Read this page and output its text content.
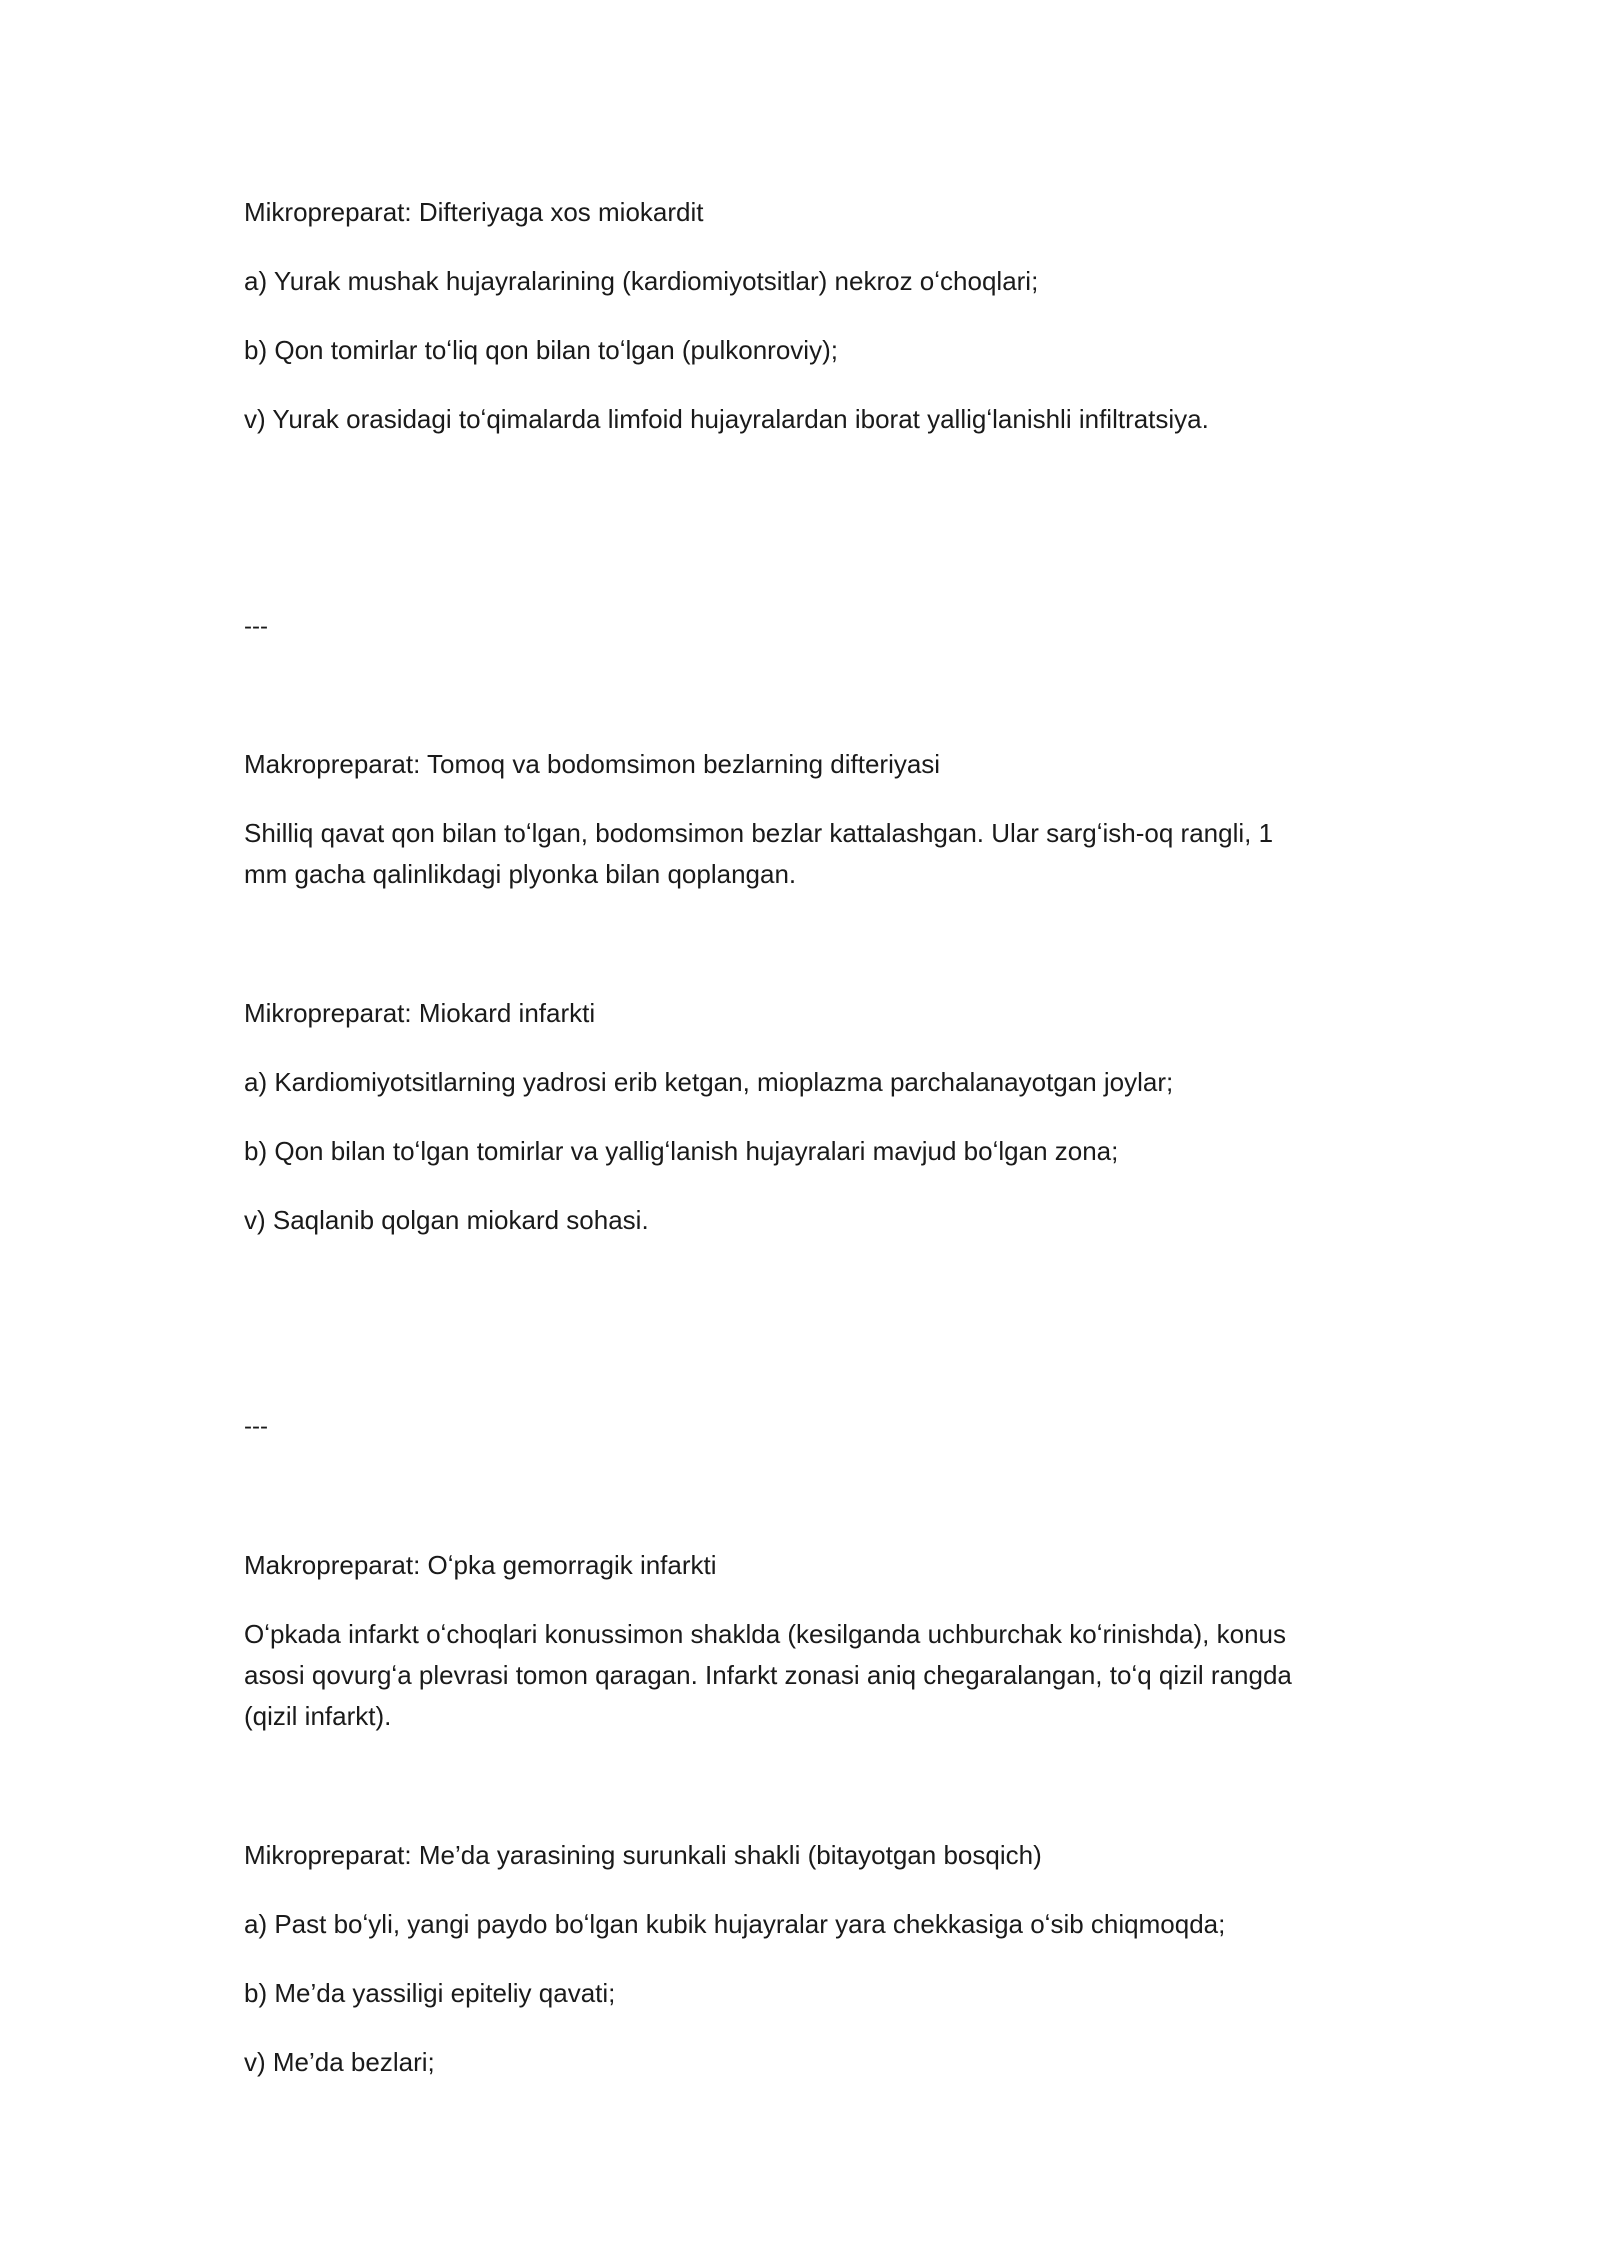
Mikropreparat: Difteriyaga xos miokardit
a) Yurak mushak hujayralarining (kardiomiyotsitlar) nekroz oʻchoqlari;
b) Qon tomirlar toʻliq qon bilan toʻlgan (pulkonroviy);
v) Yurak orasidagi toʻqimalarda limfoid hujayralardan iborat yalligʻlanishli infiltratsiya.
---
Makropreparat: Tomoq va bodomsimon bezlarning difteriyasi
Shilliq qavat qon bilan toʻlgan, bodomsimon bezlar kattalashgan. Ular sargʻish-oq rangli, 1
mm gacha qalinlikdagi plyonka bilan qoplangan.
Mikropreparat: Miokard infarkti
a) Kardiomiyotsitlarning yadrosi erib ketgan, mioplazma parchalanayotgan joylar;
b) Qon bilan toʻlgan tomirlar va yalligʻlanish hujayralari mavjud boʻlgan zona;
v) Saqlanib qolgan miokard sohasi.
---
Makropreparat: Oʻpka gemorragik infarkti
Oʻpkada infarkt oʻchoqlari konussimon shaklda (kesilganda uchburchak koʻrinishda), konus
asosi qovurgʻa plevrasi tomon qaragan. Infarkt zonasi aniq chegaralangan, toʻq qizil rangda
(qizil infarkt).
Mikropreparat: Me’da yarasining surunkali shakli (bitayotgan bosqich)
a) Past boʻyli, yangi paydo boʻlgan kubik hujayralar yara chekkasiga oʻsib chiqmoqda;
b) Me’da yassiligi epiteliy qavati;
v) Me’da bezlari;
